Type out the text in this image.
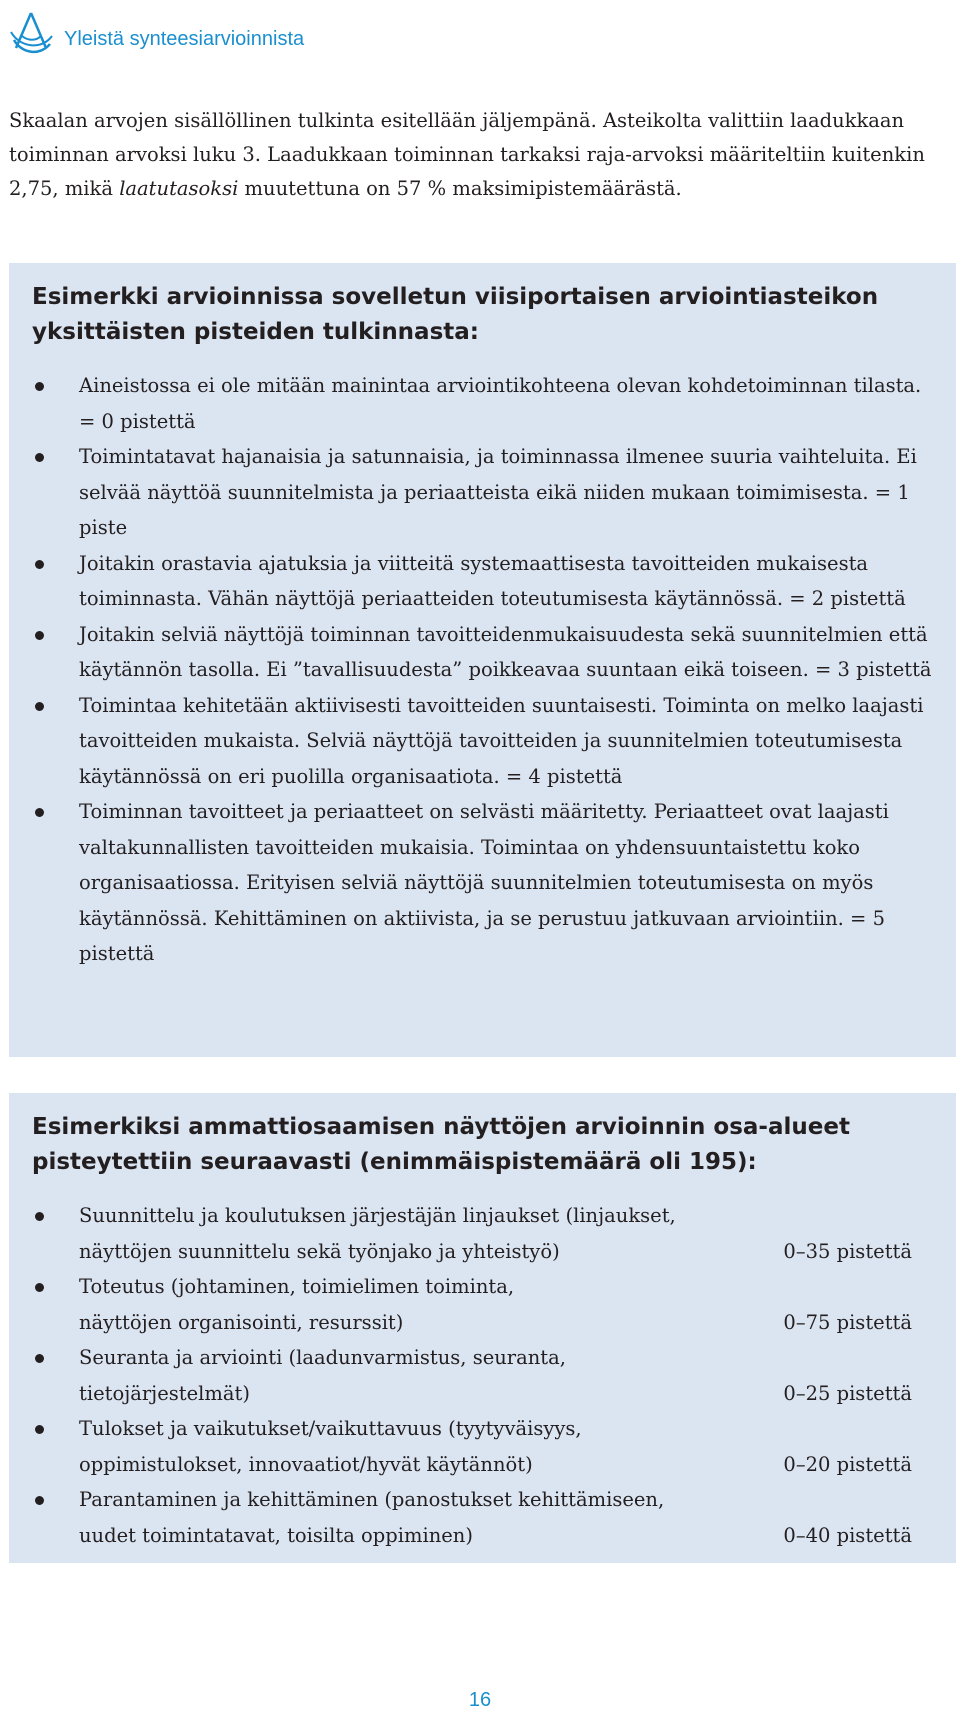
Yleistä synteesiarvioinnista

Skaalan arvojen sisällöllinen tulkinta esitellään jäljempänä. Asteikolta valittiin laadukkaan toiminnan arvoksi luku 3. Laadukkaan toiminnan tarkaksi raja-arvoksi määriteltiin kuitenkin 2,75, mikä laatutasoksi muutettuna on 57 % maksimipistemäärästä.

Esimerkki arvioinnissa sovelletun viisiportaisen arviointiasteikon yksittäisten pisteiden tulkinnasta:
Aineistossa ei ole mitään mainintaa arviointikohteena olevan kohdetoiminnan tilasta. = 0 pistettä
Toimintatavat hajanaisia ja satunnaisia, ja toiminnassa ilmenee suuria vaihteluita. Ei selvää näyttöä suunnitelmista ja periaatteista eikä niiden mukaan toimimisesta. = 1 piste
Joitakin orastavia ajatuksia ja viitteitä systemaattisesta tavoitteiden mukaisesta toiminnasta. Vähän näyttöjä periaatteiden toteutumisesta käytännössä. = 2 pistettä
Joitakin selviä näyttöjä toiminnan tavoitteidenmukaisuudesta sekä suunnitelmien että käytännön tasolla. Ei ”tavallisuudesta” poikkeavaa suuntaan eikä toiseen. = 3 pistettä
Toimintaa kehitetään aktiivisesti tavoitteiden suuntaisesti. Toiminta on melko laajasti tavoitteiden mukaista. Selviä näyttöjä tavoitteiden ja suunnitelmien toteutumisesta käytännössä on eri puolilla organisaatiota. = 4 pistettä
Toiminnan tavoitteet ja periaatteet on selvästi määritetty. Periaatteet ovat laajasti valtakunnallisten tavoitteiden mukaisia. Toimintaa on yhdensuuntaistettu koko organisaatiossa. Erityisen selviä näyttöjä suunnitelmien toteutumisesta on myös käytännössä. Kehittäminen on aktiivista, ja se perustuu jatkuvaan arviointiin. = 5 pistettä
Esimerkiksi ammattiosaamisen näyttöjen arvioinnin osa-alueet pisteytettiin seuraavasti (enimmäispistemäärä oli 195):
Suunnittelu ja koulutuksen järjestäjän linjaukset (linjaukset,
näyttöjen suunnittelu sekä työnjako ja yhteistyö)	0–35 pistettä
Toteutus (johtaminen, toimielimen toiminta,
näyttöjen organisointi, resurssit)	0–75 pistettä
Seuranta ja arviointi (laadunvarmistus, seuranta,
tietojärjestelmät)	0–25 pistettä
Tulokset ja vaikutukset/vaikuttavuus (tyytyväisyys,
oppimistulokset, innovaatiot/hyvät käytännöt)	0–20 pistettä
Parantaminen ja kehittäminen (panostukset kehittämiseen,
uudet toimintatavat, toisilta oppiminen)	0–40 pistettä
16
